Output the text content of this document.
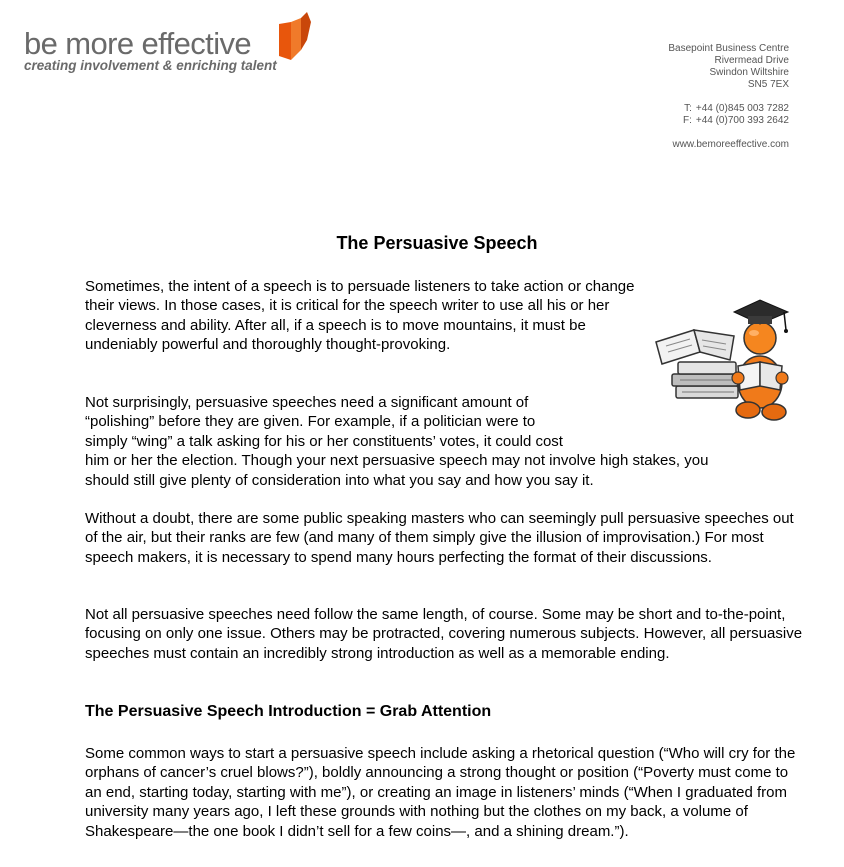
be more effective
creating involvement & enriching talent
Basepoint Business Centre
Rivermead Drive
Swindon Wiltshire
SN5 7EX
T: +44 (0)845 003 7282
F: +44 (0)700 393 2642
www.bemoreeffective.com
The Persuasive Speech

Sometimes, the intent of a speech is to persuade listeners to take action or change their views. In those cases, it is critical for the speech writer to use all his or her cleverness and ability. After all, if a speech is to move mountains, it must be undeniably powerful and thoroughly thought-provoking.

Not surprisingly, persuasive speeches need a significant amount of
“polishing” before they are given. For example, if a politician were to
simply “wing” a talk asking for his or her constituents’ votes, it could cost
him or her the election. Though your next persuasive speech may not involve high stakes, you
should still give plenty of consideration into what you say and how you say it.

Without a doubt, there are some public speaking masters who can seemingly pull persuasive speeches out of the air, but their ranks are few (and many of them simply give the illusion of improvisation.) For most speech makers, it is necessary to spend many hours perfecting the format of their discussions.

Not all persuasive speeches need follow the same length, of course. Some may be short and to-the-point, focusing on only one issue. Others may be protracted, covering numerous subjects. However, all persuasive speeches must contain an incredibly strong introduction as well as a memorable ending.

The Persuasive Speech Introduction = Grab Attention

Some common ways to start a persuasive speech include asking a rhetorical question (“Who will cry for the orphans of cancer’s cruel blows?”), boldly announcing a strong thought or position (“Poverty must come to an end, starting today, starting with me”), or creating an image in listeners’ minds (“When I graduated from university many years ago, I left these grounds with nothing but the clothes on my back, a volume of Shakespeare—the one book I didn’t sell for a few coins—, and a shining dream.”).
